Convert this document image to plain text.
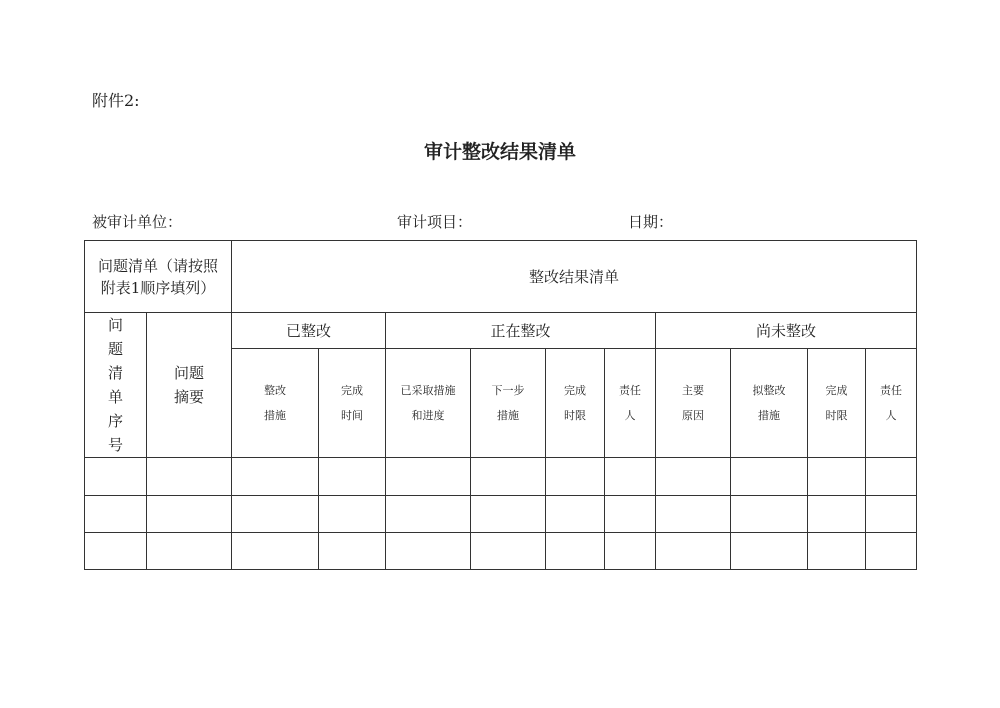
附件2:
审计整改结果清单
被审计单位：	审计项目：	日期：
问题清单（请按照附表1顺序填列）		整改结果清单									
问题清单序号	问题摘要	已整改		正在整改				尚未整改			
		整改措施	完成时间	已采取措施和进度	下一步措施	完成时限	责任人	主要原因	拟整改措施	完成时限	责任人
